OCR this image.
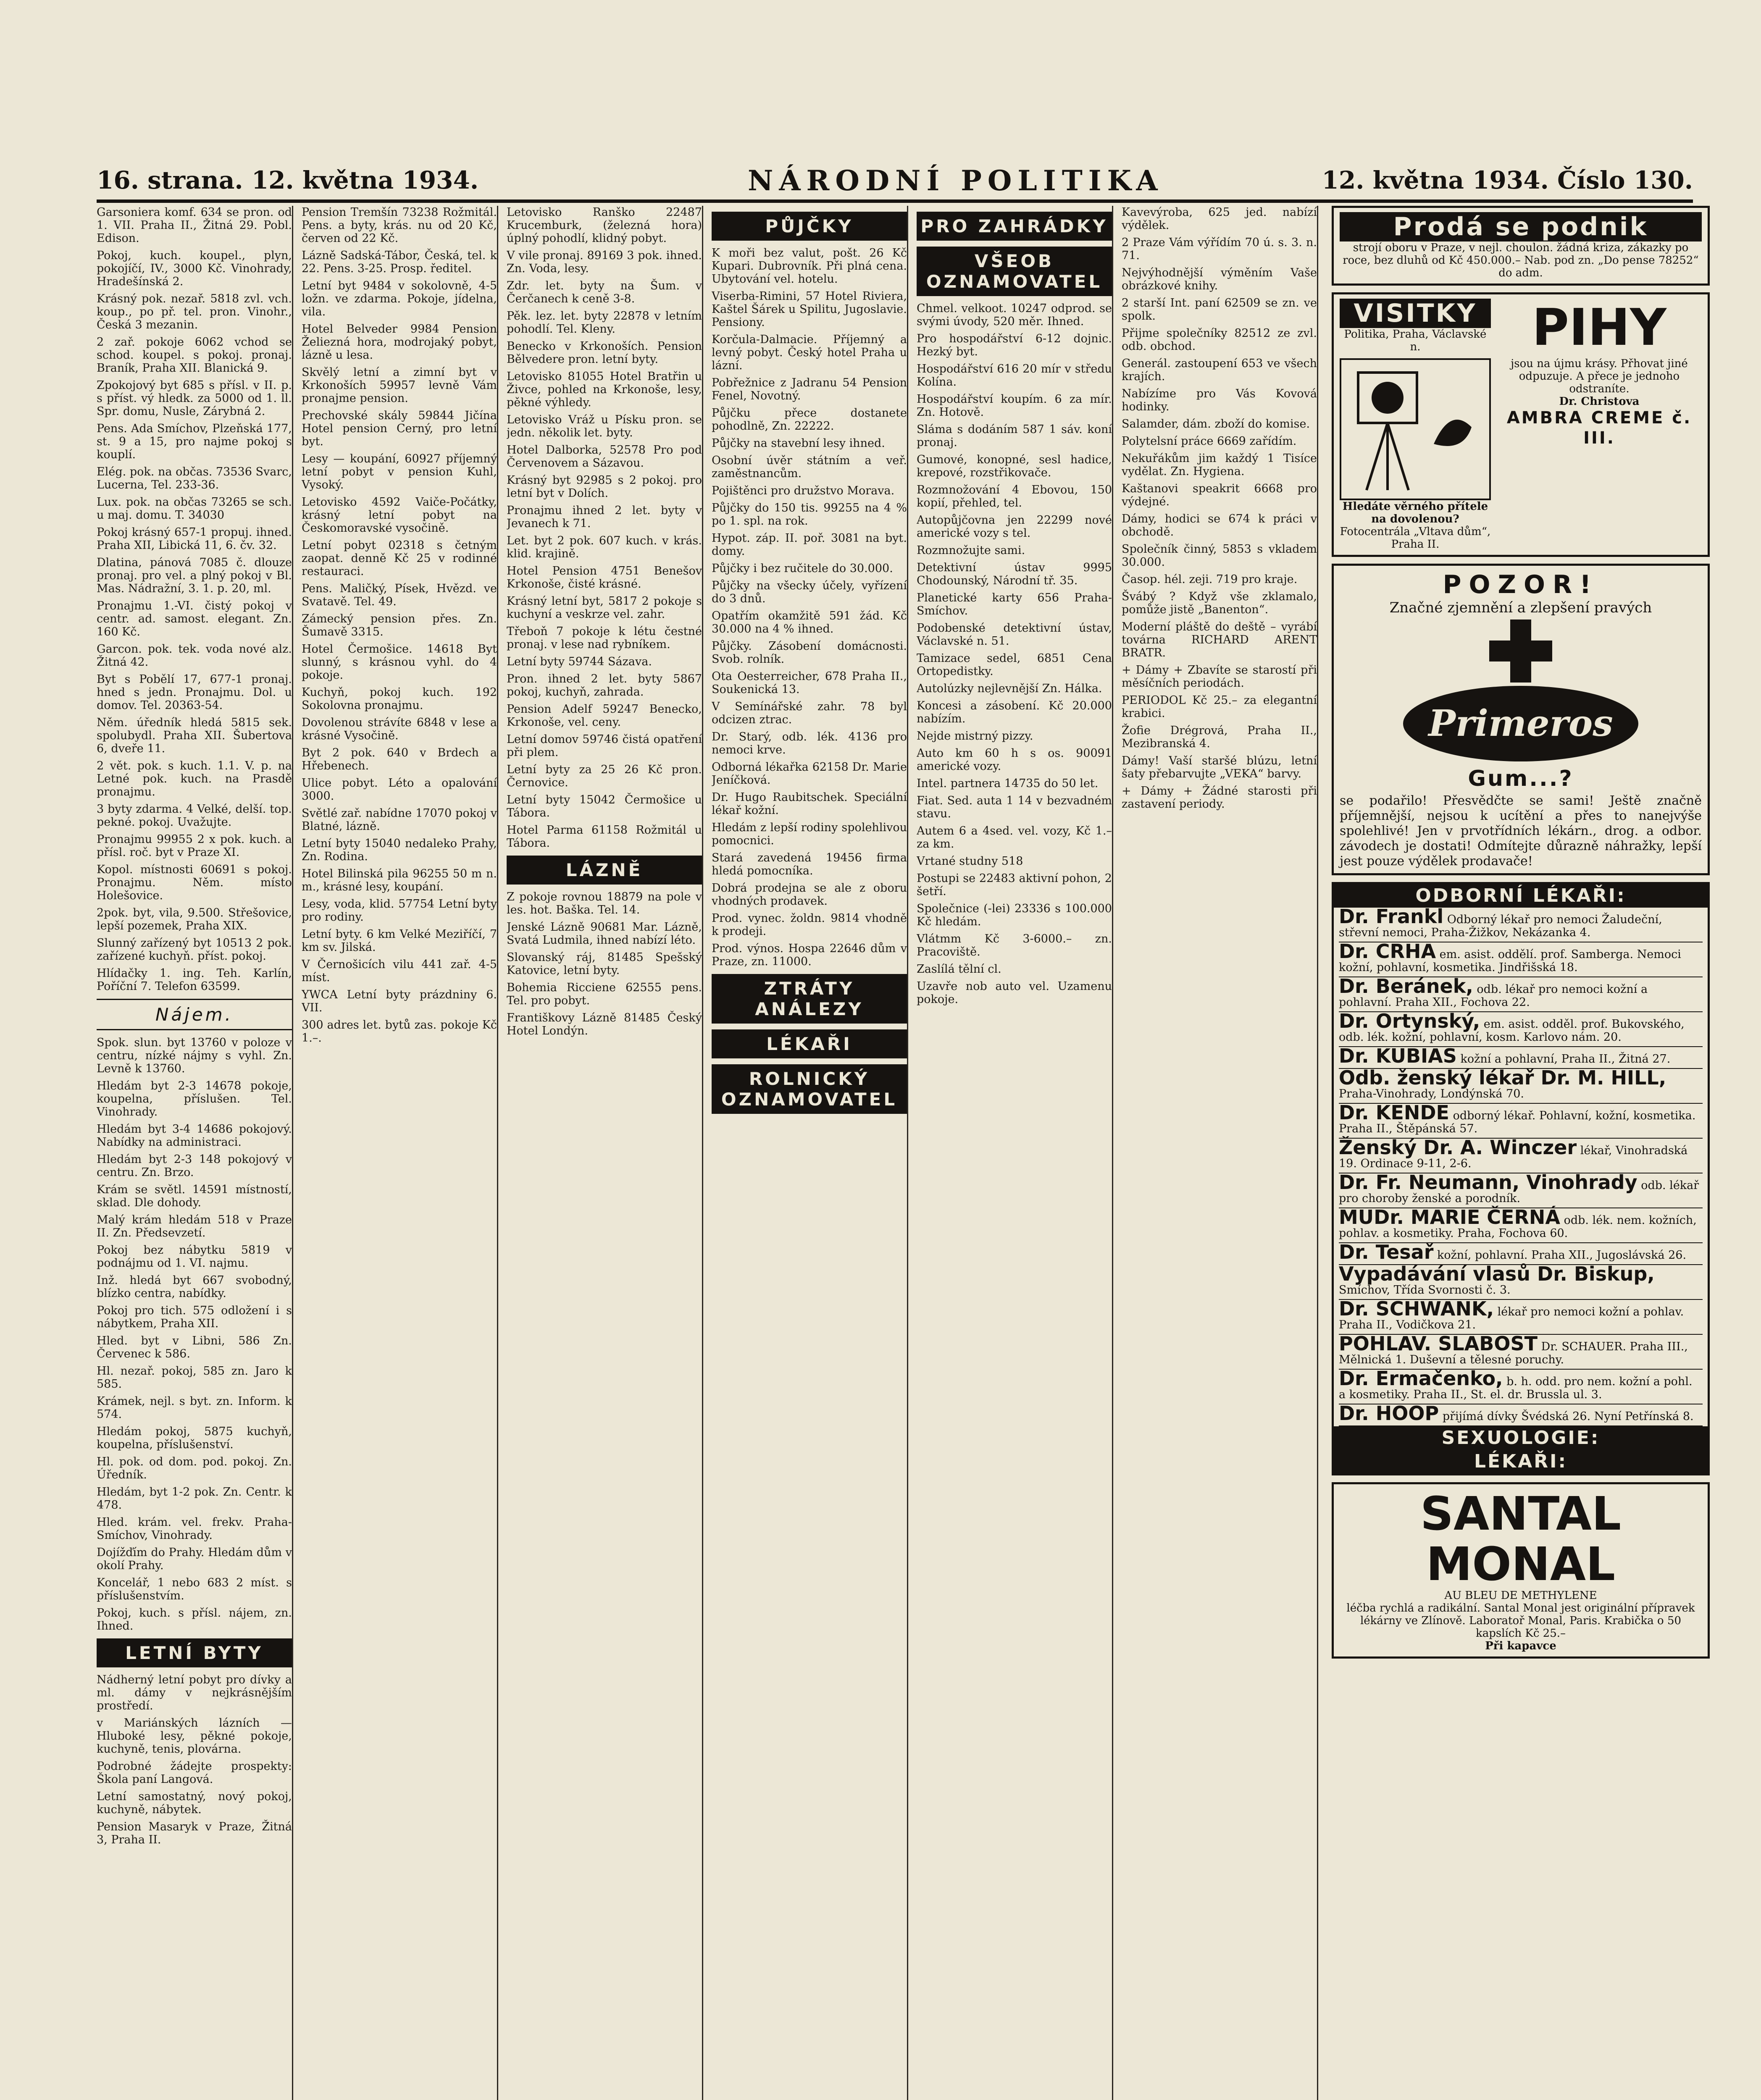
16. strana. 12. května 1934.	NÁRODNÍ POLITIKA	12. května 1934. Číslo 130.

Garsoniera komf. 634 se pron. od 1. VII. Praha II., Žitná 29. Pobl. Edison.

Pokoj, kuch. koupel., plyn, pokojíčí, IV., 3000 Kč. Vinohrady, Hradešínská 2.

Krásný pok. nezař. 5818 zvl. vch. koup., po př. tel. pron. Vinohr., Česká 3 mezanin.

2 zař. pokoje 6062 vchod se schod. koupel. s pokoj. pronaj. Braník, Praha XII. Blanická 9.

Zpokojový byt 685 s přísl. v II. p. s příst. vý hledk. za 5000 od 1. ll. Spr. domu, Nusle, Zárybná 2.

Pens. Ada Smíchov, Plzeňská 177, st. 9 a 15, pro najme pokoj s kouplí.

Elég. pok. na občas. 73536 Svarc, Lucerna, Tel. 233-36.

Lux. pok. na občas 73265 se sch. u maj. domu. T. 34030

Pokoj krásný 657-1 propuj. ihned. Praha XII, Libická 11, 6. čv. 32.

Dlatina, pánová 7085 č. dlouze pronaj. pro vel. a plný pokoj v Bl. Mas. Nádražní, 3. 1. p. 20, ml.

Pronajmu 1.-VI. čistý pokoj v centr. ad. samost. elegant. Zn. 160 Kč.

Garcon. pok. tek. voda nové alz. Žitná 42.

Byt s Pobělí 17, 677-1 pronaj. hned s jedn. Pronajmu. Dol. u domov. Tel. 20363-54.

Něm. úředník hledá 5815 sek. spolubydl. Praha XII. Šubertova 6, dveře 11.

2 vět. pok. s kuch. 1.1. V. p. na Letné pok. kuch. na Prasdě pronajmu.

3 byty zdarma. 4 Velké, delší. top. pekné. pokoj. Uvažujte.

Pronajmu 99955 2 x pok. kuch. a přísl. roč. byt v Praze XI.

Kopol. místnosti 60691 s pokoj. Pronajmu. Něm. místo Holešovice.

2pok. byt, vila, 9.500. Střešovice, lepší pozemek, Praha XIX.

Slunný zařízený byt 10513 2 pok. zařízené kuchyň. příst. pokoj.

Hlídačky 1. ing. Teh. Karlín, Poříční 7. Telefon 63599.

Nájem.

Spok. slun. byt 13760 v poloze v centru, nízké nájmy s vyhl. Zn. Levně k 13760.

Hledám byt 2-3 14678 pokoje, koupelna, příslušen. Tel. Vinohrady.

Hledám byt 3-4 14686 pokojový. Nabídky na administraci.

Hledám byt 2-3 148 pokojový v centru. Zn. Brzo.

Krám se světl. 14591 místností, sklad. Dle dohody.

Malý krám hledám 518 v Praze II. Zn. Předsevzetí.

Pokoj bez nábytku 5819 v podnájmu od 1. VI. najmu.

Inž. hledá byt 667 svobodný, blízko centra, nabídky.

Pokoj pro tich. 575 odložení i s nábytkem, Praha XII.

Hled. byt v Libni, 586 Zn. Červenec k 586.

Hl. nezař. pokoj, 585 zn. Jaro k 585.

Krámek, nejl. s byt. zn. Inform. k 574.

Hledám pokoj, 5875 kuchyň, koupelna, příslušenství.

Hl. pok. od dom. pod. pokoj. Zn. Úředník.

Hledám, byt 1-2 pok. Zn. Centr. k 478.

Hled. krám. vel. frekv. Praha-Smíchov, Vinohrady.

Dojížďím do Prahy. Hledám dům v okolí Prahy.

Koncelář, 1 nebo 683 2 míst. s příslušenstvím.

Pokoj, kuch. s přísl. nájem, zn. Ihned.

LETNÍ BYTY

Nádherný letní pobyt pro dívky a ml. dámy v nejkrásnějším prostředí.

v Mariánských lázních — Hluboké lesy, pěkné pokoje, kuchyně, tenis, plovárna.

Podrobné žádejte prospekty: Škola paní Langová.

Letní samostatný, nový pokoj, kuchyně, nábytek.

Pension Masaryk v Praze, Žitná 3, Praha II.

Pension Tremšín 73238 Rožmitál. Pens. a byty, krás. nu od 20 Kč, červen od 22 Kč.

Lázně Sadská-Tábor, Česká, tel. k 22. Pens. 3-25. Prosp. ředitel.

Letní byt 9484 v sokolovně, 4-5 ložn. ve zdarma. Pokoje, jídelna, vila.

Hotel Belveder 9984 Pension Želiezná hora, modrojaký pobyt, lázně u lesa.

Skvělý letní a zimní byt v Krkonoších 59957 levně Vám pronajme pension.

Prechovské skály 59844 Jičína Hotel pension Cerný, pro letní byt.

Lesy — koupání, 60927 příjemný letní pobyt v pension Kuhl, Vysoký.

Letovisko 4592 Vaiče-Počátky, krásný letní pobyt na Českomoravské vysočině.

Letní pobyt 02318 s četným zaopat. denně Kč 25 v rodinné restauraci.

Pens. Maličký, Písek, Hvězd. ve Svatavě. Tel. 49.

Zámecký pension přes. Zn. Šumavě 3315.

Hotel Čermošice. 14618 Byt slunný, s krásnou vyhl. do 4 pokoje.

Kuchyň, pokoj kuch. 192 Sokolovna pronajmu.

Dovolenou strávíte 6848 v lese a krásné Vysočině.

Byt 2 pok. 640 v Brdech a Hřebenech.

Ulice pobyt. Léto a opalování 3000.

Světlé zař. nabídne 17070 pokoj v Blatné, lázně.

Letní byty 15040 nedaleko Prahy, Zn. Rodina.

Hotel Bilinská pila 96255 50 m n. m., krásné lesy, koupání.

Lesy, voda, klid. 57754 Letní byty pro rodiny.

Letní byty. 6 km Velké Meziříčí, 7 km sv. Jilská.

V Černošicích vilu 441 zař. 4-5 míst.

YWCA Letní byty prázdniny 6. VII.

300 adres let. bytů zas. pokoje Kč 1.–.

Letovisko Ranško 22487 Krucemburk, (železná hora) úplný pohodlí, klidný pobyt.

V vile pronaj. 89169 3 pok. ihned. Zn. Voda, lesy.

Zdr. let. byty na Šum. v Čerčanech k ceně 3-8.

Pěk. lez. let. byty 22878 v letním pohodlí. Tel. Kleny.

Benecko v Krkonoších. Pension Bělvedere pron. letní byty.

Letovisko 81055 Hotel Bratřin u Živce, pohled na Krkonoše, lesy, pěkné výhledy.

Letovisko Vráž u Písku pron. se jedn. několik let. byty.

Hotel Dalborka, 52578 Pro pod Červenovem a Sázavou.

Krásný byt 92985 s 2 pokoj. pro letní byt v Dolích.

Pronajmu ihned 2 let. byty v Jevanech k 71.

Let. byt 2 pok. 607 kuch. v krás. klid. krajině.

Hotel Pension 4751 Benešov Krkonoše, čisté krásné.

Krásný letní byt, 5817 2 pokoje s kuchyní a veskrze vel. zahr.

Třeboň 7 pokoje k létu čestné pronaj. v lese nad rybníkem.

Letní byty 59744 Sázava.

Pron. ihned 2 let. byty 5867 pokoj, kuchyň, zahrada.

Pension Adelf 59247 Benecko, Krkonoše, vel. ceny.

Letní domov 59746 čistá opatření při plem.

Letní byty za 25 26 Kč pron. Černovice.

Letní byty 15042 Čermošice u Tábora.

Hotel Parma 61158 Rožmitál u Tábora.

LÁZNĚ

Z pokoje rovnou 18879 na pole v les. hot. Baška. Tel. 14.

Jenské Lázně 90681 Mar. Lázně, Svatá Ludmila, ihned nabízí léto.

Slovanský ráj, 81485 Spešský Katovice, letní byty.

Bohemia Ricciene 62555 pens. Tel. pro pobyt.

Františkovy Lázně 81485 Český Hotel Londýn.

PŮJČKY

K moři bez valut, pošt. 26 Kč Kupari. Dubrovník. Při plná cena. Ubytování vel. hotelu.

Viserba-Rimini, 57 Hotel Riviera, Kaštel Šárek u Spilitu, Jugoslavie. Pensiony.

Korčula-Dalmacie. Příjemný a levný pobyt. Český hotel Praha u lázní.

Pobřežnice z Jadranu 54 Pension Fenel, Novotný.

Půjčku přece dostanete pohodlně, Zn. 22222.

Půjčky na stavební lesy ihned.

Osobní úvěr státním a veř. zaměstnancům.

Pojištěnci pro družstvo Morava.

Půjčky do 150 tis. 99255 na 4 % po 1. spl. na rok.

Hypot. záp. II. poř. 3081 na byt. domy.

Půjčky i bez ručitele do 30.000.

Půjčky na všecky účely, vyřízení do 3 dnů.

Opatřím okamžitě 591 žád. Kč 30.000 na 4 % ihned.

Půjčky. Zásobení domácnosti. Svob. rolník.

Ota Oesterreicher, 678 Praha II., Soukenická 13.

V Semínářské zahr. 78 byl odcizen ztrac.

Dr. Starý, odb. lék. 4136 pro nemoci krve.

Odborná lékařka 62158 Dr. Marie Jeníčková.

Dr. Hugo Raubitschek. Speciální lékař kožní.

Hledám z lepší rodiny spolehlivou pomocnici.

Stará zavedená 19456 firma hledá pomocníka.

Dobrá prodejna se ale z oboru vhodných prodavek.

Prod. vynec. žoldn. 9814 vhodně k prodeji.

Prod. výnos. Hospa 22646 dům v Praze, zn. 11000.

ZTRÁTY ANÁLEZY
LÉKAŘI
ROLNICKÝ OZNAMOVATEL
PRO ZAHRÁDKY
VŠEOB OZNAMOVATEL

Chmel. velkoot. 10247 odprod. se svými úvody, 520 měr. Ihned.

Pro hospodářství 6-12 dojnic. Hezký byt.

Hospodářství 616 20 mír v středu Kolína.

Hospodářství koupím. 6 za mír. Zn. Hotově.

Sláma s dodáním 587 1 sáv. koní pronaj.

Gumové, konopné, sesl hadice, krepové, rozstřikovače.

Rozmnožování 4 Ebovou, 150 kopií, přehled, tel.

Autopůjčovna jen 22299 nové americké vozy s tel.

Rozmnožujte sami.

Detektivní ústav 9995 Chodounský, Národní tř. 35.

Planetické karty 656 Praha-Smíchov.

Podobenské detektivní ústav, Václavské n. 51.

Tamizace sedel, 6851 Cena Ortopedistky.

Autolúzky nejlevnější Zn. Hálka.

Koncesi a zásobení. Kč 20.000 nabízím.

Nejde mistrný pizzy.

Auto km 60 h s os. 90091 americké vozy.

Intel. partnera 14735 do 50 let.

Fiat. Sed. auta 1 14 v bezvadném stavu.

Autem 6 a 4sed. vel. vozy, Kč 1.– za km.

Vrtané studny 518

Postupi se 22483 aktivní pohon, 2 šetří.

Společnice (-lei) 23336 s 100.000 Kč hledám.

Vlátmm Kč 3-6000.– zn. Pracoviště.

Zaslílá tělní cl.

Uzavře nob auto vel. Uzamenu pokoje.

Kavevýroba, 625 jed. nabízí výdělek.

2 Praze Vám výřídím 70 ú. s. 3. n. 71.

Nejvýhodnější výměním Vaše obrázkové knihy.

2 starší Int. paní 62509 se zn. ve spolk.

Přijme společníky 82512 ze zvl. odb. obchod.

Generál. zastoupení 653 ve všech krajích.

Nabízíme pro Vás Kovová hodinky.

Salamder, dám. zboží do komise.

Polytelsní práce 6669 zařídím.

Nekuřákům jim každý 1 Tisíce vydělat. Zn. Hygiena.

Kaštanovi speakrit 6668 pro výdejné.

Dámy, hodici se 674 k práci v obchodě.

Společník činný, 5853 s vkladem 30.000.

Časop. hél. zeji. 719 pro kraje.

Švábý ? Když vše zklamalo, pomůže jistě „Banenton“.

Moderní pláště do deště – vyrábí továrna RICHARD ARENT BRATR.

+ Dámy + Zbavíte se starostí při měsíčních periodách.

PERIODOL Kč 25.– za elegantní krabici.

Žofie Drégrová, Praha II., Mezibranská 4.

Dámy! Vaší staršé blúzu, letní šaty přebarvujte „VEKA“ barvy.

+ Dámy + Žádné starosti při zastavení periody.

Prodá se podnik
strojí oboru v Praze, v nejl. choulon. žádná kriza, zákazky po roce, bez dluhů od Kč 450.000.– Nab. pod zn. „Do pense 78252“ do adm.
VISITKY
Politika, Praha, Václavské n.
Hledáte věrného přítele na dovolenou?
Fotocentrála „Vltava dům“, Praha II.
PIHY
jsou na újmu krásy. Přhovat jiné odpuzuje. A přece je jednoho odstraníte.
Dr. Christova
AMBRA CREME č. III.
POZOR!
Značné zjemnění a zlepšení pravých
Primeros
Gum...?
se podařilo! Přesvědčte se sami! Ještě značně příjemnější, nejsou k ucítění a přes to nanejvýše spolehlivé! Jen v prvotřídních lékárn., drog. a odbor. závodech je dostati! Odmítejte důrazně náhražky, lepší jest pouze výdělek prodavače!
ODBORNÍ LÉKAŘI:
Dr. Frankl Odborný lékař pro nemoci Žaludeční, střevní nemoci, Praha-Žižkov, Nekázanka 4.
Dr. CRHA em. asist. oddělí. prof. Samberga. Nemoci kožní, pohlavní, kosmetika. Jindřišská 18.
Dr. Beránek, odb. lékař pro nemoci kožní a pohlavní. Praha XII., Fochova 22.
Dr. Ortynský, em. asist. odděl. prof. Bukovského, odb. lék. kožní, pohlavní, kosm. Karlovo nám. 20.
Dr. KUBIAS kožní a pohlavní, Praha II., Žitná 27.
Odb. ženský lékař Dr. M. HILL, Praha-Vinohrady, Londýnská 70.
Dr. KENDE odborný lékař. Pohlavní, kožní, kosmetika. Praha II., Štěpánská 57.
Ženský Dr. A. Winczer lékař, Vinohradská 19. Ordinace 9-11, 2-6.
Dr. Fr. Neumann, Vinohrady odb. lékař pro choroby ženské a porodník.
MUDr. MARIE ČERNÁ odb. lék. nem. kožních, pohlav. a kosmetiky. Praha, Fochova 60.
Dr. Tesař kožní, pohlavní. Praha XII., Jugoslávská 26.
Vypadávání vlasů Dr. Biskup, Smíchov, Třída Svornosti č. 3.
Dr. SCHWANK, lékař pro nemoci kožní a pohlav. Praha II., Vodičkova 21.
POHLAV. SLABOST Dr. SCHAUER. Praha III., Mělnická 1. Duševní a tělesné poruchy.
Dr. Ermačenko, b. h. odd. pro nem. kožní a pohl. a kosmetiky. Praha II., St. el. dr. Brussla ul. 3.
Dr. HOOP přijímá dívky Švédská 26. Nyní Petřínská 8.
SEXUOLOGIE:
LÉKAŘI:
SANTAL
MONAL
AU BLEU DE METHYLENE
léčba rychlá a radikální. Santal Monal jest originální přípravek lékárny ve Zlínově. Laboratoř Monal, Paris. Krabička o 50 kapslích Kč 25.–
Při kapavce
